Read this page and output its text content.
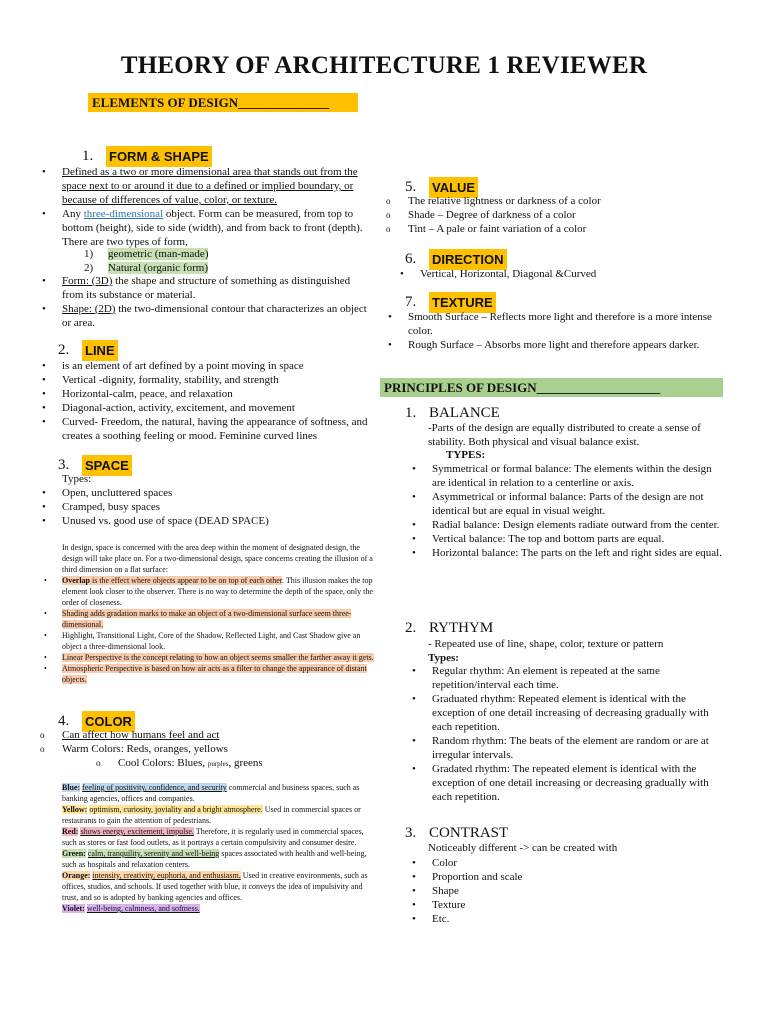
THEORY OF ARCHITECTURE 1 REVIEWER
ELEMENTS OF DESIGN______________
1.	FORM & SHAPE
• Defined as a two or more dimensional area that stands out from the space next to or around it due to a defined or implied boundary, or because of differences of value, color, or texture.
• Any three-dimensional object. Form can be measured, from top to bottom (height), side to side (width), and from back to front (depth). There are two types of form,
1) geometric (man-made)
2) Natural (organic form)
• Form: (3D) the shape and structure of something as distinguished from its substance or material.
• Shape: (2D) the two-dimensional contour that characterizes an object or area.
2.	LINE
• is an element of art defined by a point moving in space
• Vertical -dignity, formality, stability, and strength
• Horizontal-calm, peace, and relaxation
• Diagonal-action, activity, excitement, and movement
• Curved- Freedom, the natural, having the appearance of softness, and creates a soothing feeling or mood. Feminine curved lines
3.	SPACE
Types:
• Open, uncluttered spaces
• Cramped, busy spaces
• Unused vs. good use of space (DEAD SPACE)
In design, space is concerned with the area deep within the moment of designated design, the design will take place on. For a two-dimensional design, space concerns creating the illusion of a third dimension on a flat surface:
• Overlap is the effect where objects appear to be on top of each other. This illusion makes the top element look closer to the observer. There is no way to determine the depth of the space, only the order of closeness.
• Shading adds gradation marks to make an object of a two-dimensional surface seem three-dimensional.
• Highlight, Transitional Light, Core of the Shadow, Reflected Light, and Cast Shadow give an object a three-dimensional look.
• Linear Perspective is the concept relating to how an object seems smaller the farther away it gets.
• Atmospheric Perspective is based on how air acts as a filter to change the appearance of distant objects.
4.	COLOR
o Can affect how humans feel and act
o Warm Colors: Reds, oranges, yellows
o Cool Colors: Blues, purples, greens
Blue: feeling of positivity, confidence, and security commercial and business spaces, such as banking agencies, offices and companies.
Yellow: optimism, curiosity, joviality and a bright atmosphere. Used in commercial spaces or restaurants to gain the attention of pedestrians.
Red: shows energy, excitement, impulse. Therefore, it is regularly used in commercial spaces, such as stores or fast food outlets, as it portrays a certain compulsivity and consumer desire.
Green: calm, tranquility, serenity and well-being spaces associated with health and well-being, such as hospitals and relaxation centers.
Orange: intensity, creativity, euphoria, and enthusiasm. Used in creative environments, such as offices, studios, and schools. If used together with blue, it conveys the idea of impulsivity and trust, and so is adopted by banking agencies and offices.
Violet: well-being, calmness, and softness.
5.	VALUE
o The relative lightness or darkness of a color
o Shade – Degree of darkness of a color
o Tint – A pale or faint variation of a color
6.	DIRECTION
• Vertical, Horizontal, Diagonal &Curved
7.	TEXTURE
• Smooth Surface – Reflects more light and therefore is a more intense color.
• Rough Surface – Absorbs more light and therefore appears darker.
PRINCIPLES OF DESIGN___________________
1. BALANCE
-Parts of the design are equally distributed to create a sense of stability. Both physical and visual balance exist.
TYPES:
• Symmetrical or formal balance: The elements within the design are identical in relation to a centerline or axis.
• Asymmetrical or informal balance: Parts of the design are not identical but are equal in visual weight.
• Radial balance: Design elements radiate outward from the center.
• Vertical balance: The top and bottom parts are equal.
• Horizontal balance: The parts on the left and right sides are equal.
2. RYTHYM
- Repeated use of line, shape, color, texture or pattern
Types:
• Regular rhythm: An element is repeated at the same repetition/interval each time.
• Graduated rhythm: Repeated element is identical with the exception of one detail increasing of decreasing gradually with each repetition.
• Random rhythm: The beats of the element are random or are at irregular intervals.
• Gradated rhythm: The repeated element is identical with the exception of one detail increasing or decreasing gradually with each repetition.
3. CONTRAST
Noticeably different -> can be created with
• Color
• Proportion and scale
• Shape
• Texture
• Etc.
